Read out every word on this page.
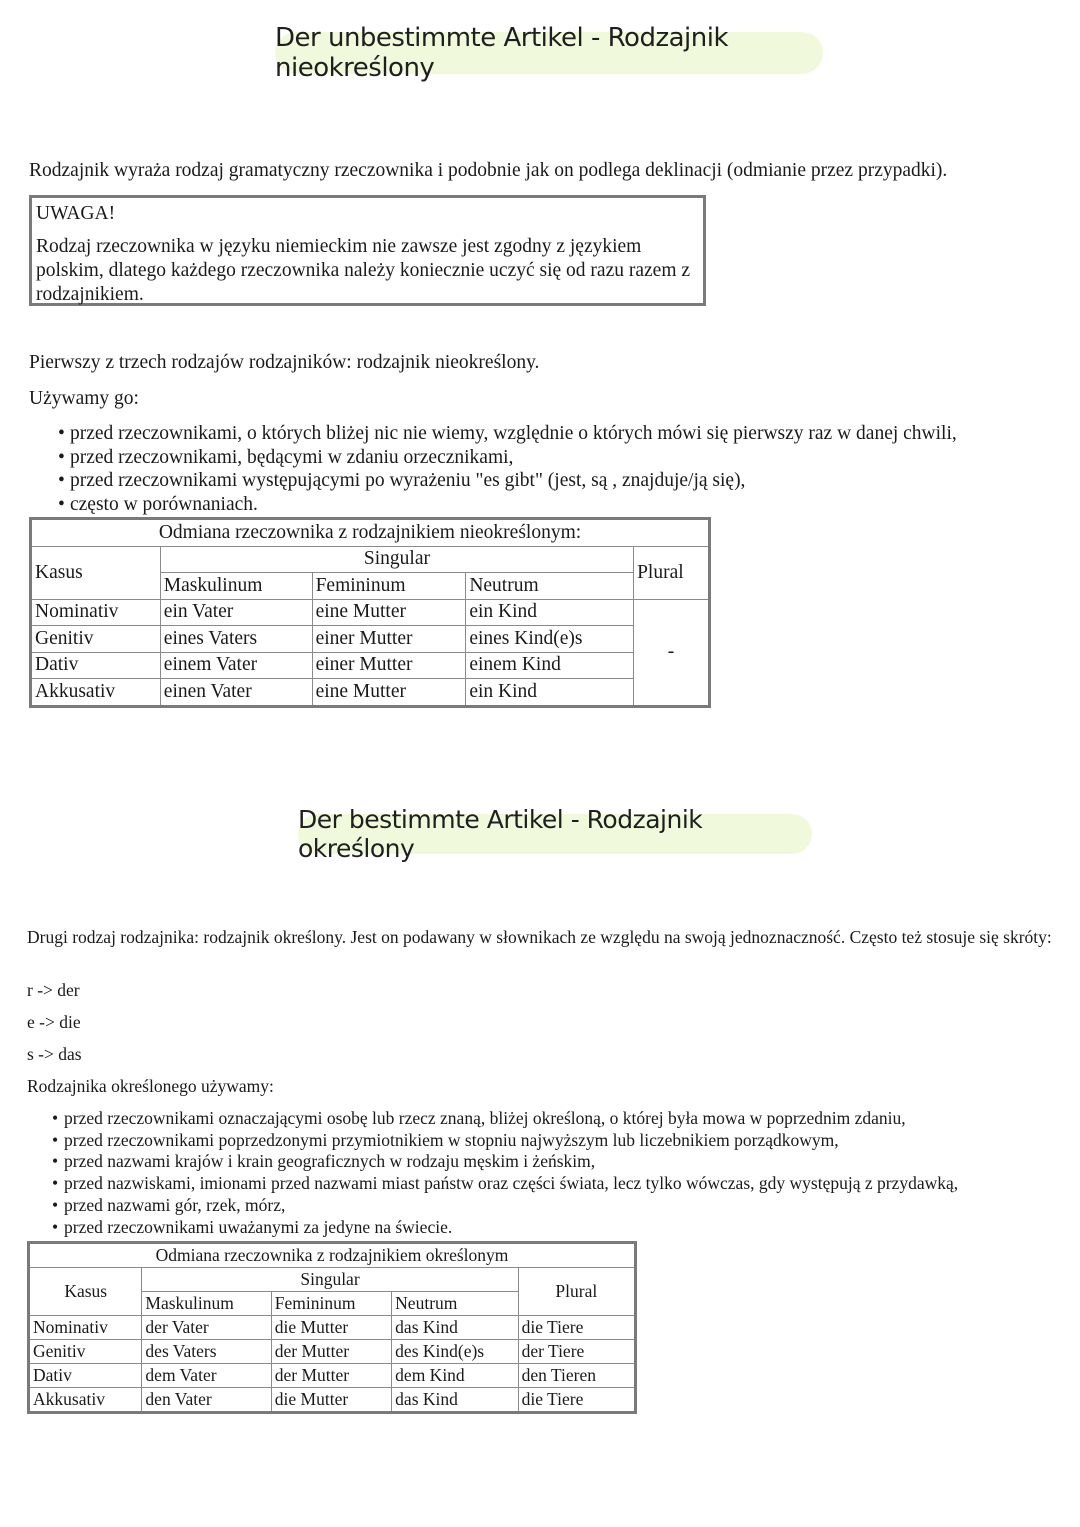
Der unbestimmte Artikel - Rodzajnik nieokreślony
Rodzajnik wyraża rodzaj gramatyczny rzeczownika i podobnie jak on podlega deklinacji (odmianie przez przypadki).
UWAGA!
Rodzaj rzeczownika w języku niemieckim nie zawsze jest zgodny z językiem polskim, dlatego każdego rzeczownika należy koniecznie uczyć się od razu razem z rodzajnikiem.
Pierwszy z trzech rodzajów rodzajników: rodzajnik nieokreślony.
Używamy go:
• przed rzeczownikami, o których bliżej nic nie wiemy, względnie o których mówi się pierwszy raz w danej chwili,
• przed rzeczownikami, będącymi w zdaniu orzecznikami,
• przed rzeczownikami występującymi po wyrażeniu "es gibt" (jest, są , znajduje/ją się),
• często w porównaniach.
Odmiana rzeczownika z rodzajnikiem nieokreślonym:				
Kasus	Singular			Plural
	Maskulinum	Femininum	Neutrum	
Nominativ	ein Vater	eine Mutter	ein Kind	-
Genitiv	eines Vaters	einer Mutter	eines Kind(e)s	
Dativ	einem Vater	einer Mutter	einem Kind	
Akkusativ	einen Vater	eine Mutter	ein Kind	
Der bestimmte Artikel - Rodzajnik określony
Drugi rodzaj rodzajnika: rodzajnik określony. Jest on podawany w słownikach ze względu na swoją jednoznaczność. Często też stosuje się skróty:
r -> der
e -> die
s -> das
Rodzajnika określonego używamy:
• przed rzeczownikami oznaczającymi osobę lub rzecz znaną, bliżej określoną, o której była mowa w poprzednim zdaniu,
• przed rzeczownikami poprzedzonymi przymiotnikiem w stopniu najwyższym lub liczebnikiem porządkowym,
• przed nazwami krajów i krain geograficznych w rodzaju męskim i żeńskim,
• przed nazwiskami, imionami przed nazwami miast państw oraz części świata, lecz tylko wówczas, gdy występują z przydawką,
• przed nazwami gór, rzek, mórz,
• przed rzeczownikami uważanymi za jedyne na świecie.
Odmiana rzeczownika z rodzajnikiem określonym				
Kasus	Singular			Plural
	Maskulinum	Femininum	Neutrum	
Nominativ	der Vater	die Mutter	das Kind	die Tiere
Genitiv	des Vaters	der Mutter	des Kind(e)s	der Tiere
Dativ	dem Vater	der Mutter	dem Kind	den Tieren
Akkusativ	den Vater	die Mutter	das Kind	die Tiere
